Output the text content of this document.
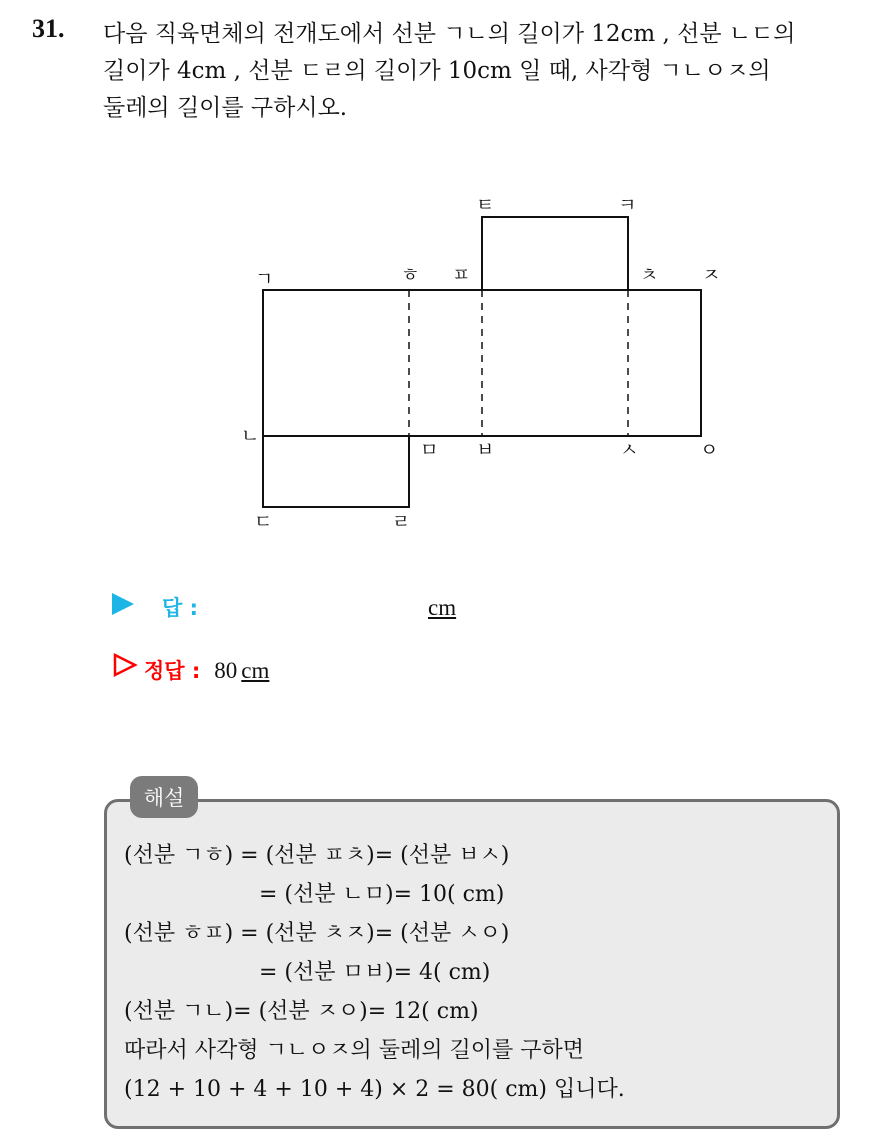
31. 다음 직육면체의 전개도에서 선분 ㄱㄴ의 길이가 12cm , 선분 ㄴㄷ의
길이가 4cm , 선분 ㄷㄹ의 길이가 10cm 일 때, 사각형 ㄱㄴㅇㅈ의
둘레의 길이를 구하시오.
ㄱ	ㅎ ㅍ
ㅌ	ㅋ
ㅊ ㅈ
ㄴ
ㅁ ㅂ	ㅅ	ㅇ
ㄷ	ㄹ
답 :	cm
정답 : 80 cm
해설
(선분 ㄱㅎ) = (선분 ㅍㅊ)= (선분 ㅂㅅ)
= (선분 ㄴㅁ)= 10( cm)
(선분 ㅎㅍ) = (선분 ㅊㅈ)= (선분 ㅅㅇ)
= (선분 ㅁㅂ)= 4( cm)
(선분 ㄱㄴ)= (선분 ㅈㅇ)= 12( cm)
따라서 사각형 ㄱㄴㅇㅈ의 둘레의 길이를 구하면
(12 + 10 + 4 + 10 + 4) × 2 = 80( cm) 입니다.
